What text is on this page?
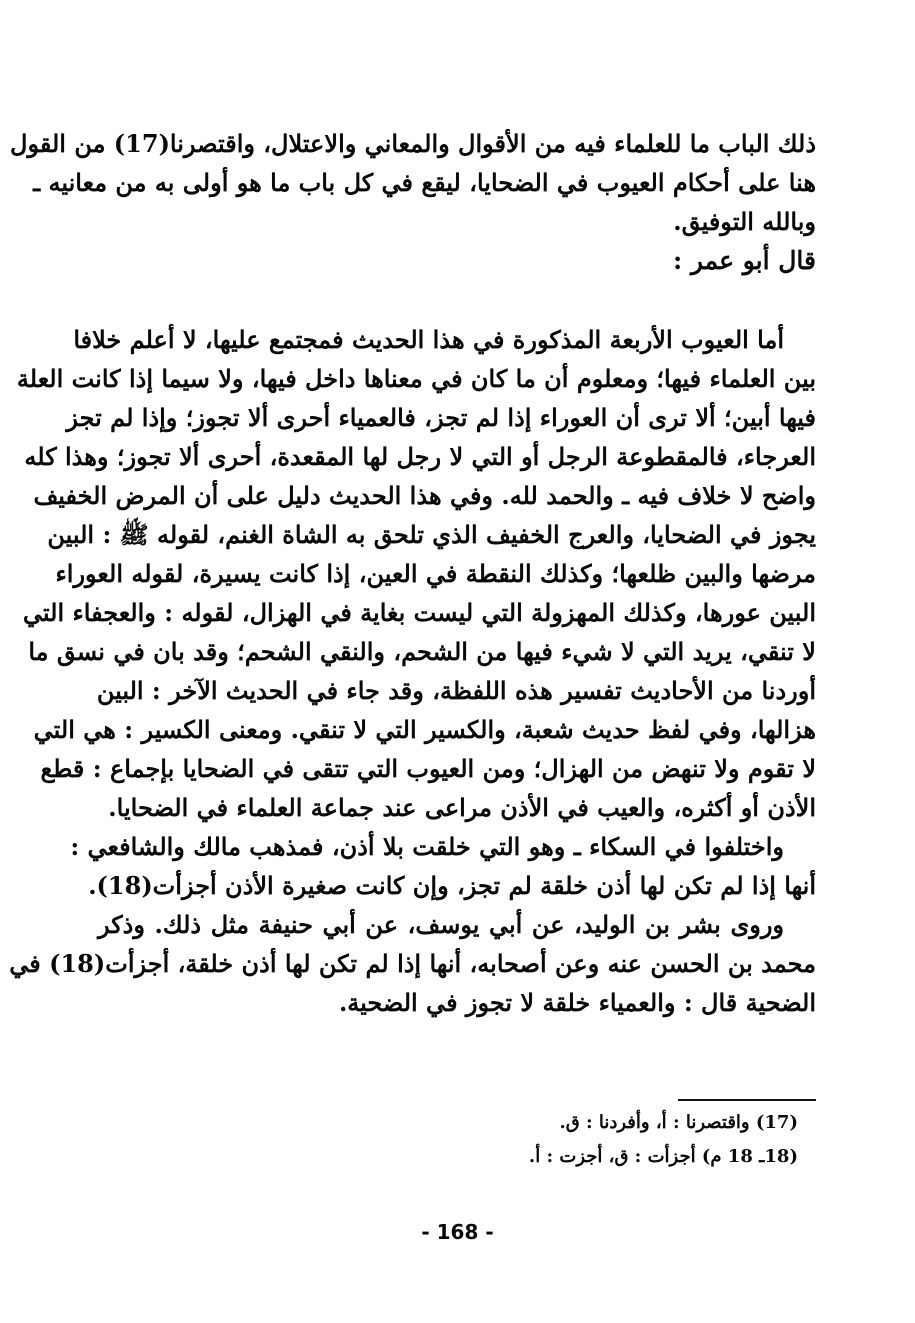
ذلك الباب ما للعلماء فيه من الأقوال والمعاني والاعتلال، واقتصرنا(17) من القول
هنا على أحكام العيوب في الضحايا، ليقع في كل باب ما هو أولى به من معانيه ـ
وبالله التوفيق.
قال أبو عمر :
أما العيوب الأربعة المذكورة في هذا الحديث فمجتمع عليها، لا أعلم خلافا
بين العلماء فيها؛ ومعلوم أن ما كان في معناها داخل فيها، ولا سيما إذا كانت العلة
فيها أبين؛ ألا ترى أن العوراء إذا لم تجز، فالعمياء أحرى ألا تجوز؛ وإذا لم تجز
العرجاء، فالمقطوعة الرجل أو التي لا رجل لها المقعدة، أحرى ألا تجوز؛ وهذا كله
واضح لا خلاف فيه ـ والحمد لله. وفي هذا الحديث دليل على أن المرض الخفيف
يجوز في الضحايا، والعرج الخفيف الذي تلحق به الشاة الغنم، لقوله ﷺ : البين
مرضها والبين ظلعها؛ وكذلك النقطة في العين، إذا كانت يسيرة، لقوله العوراء
البين عورها، وكذلك المهزولة التي ليست بغاية في الهزال، لقوله : والعجفاء التي
لا تنقي، يريد التي لا شيء فيها من الشحم، والنقي الشحم؛ وقد بان في نسق ما
أوردنا من الأحاديث تفسير هذه اللفظة، وقد جاء في الحديث الآخر : البين
هزالها، وفي لفظ حديث شعبة، والكسير التي لا تنقي. ومعنى الكسير : هي التي
لا تقوم ولا تنهض من الهزال؛ ومن العيوب التي تتقى في الضحايا بإجماع : قطع
الأذن أو أكثره، والعيب في الأذن مراعى عند جماعة العلماء في الضحايا.
واختلفوا في السكاء ـ وهو التي خلقت بلا أذن، فمذهب مالك والشافعي :
أنها إذا لم تكن لها أذن خلقة لم تجز، وإن كانت صغيرة الأذن أجزأت(18).
وروى بشر بن الوليد، عن أبي يوسف، عن أبي حنيفة مثل ذلك. وذكر
محمد بن الحسن عنه وعن أصحابه، أنها إذا لم تكن لها أذن خلقة، أجزأت(18) في
الضحية قال : والعمياء خلقة لا تجوز في الضحية.
(17) واقتصرنا : أ، وأفردنا : ق.
(18ـ 18 م) أجزأت : ق، أجزت : أ.
- 168 -
